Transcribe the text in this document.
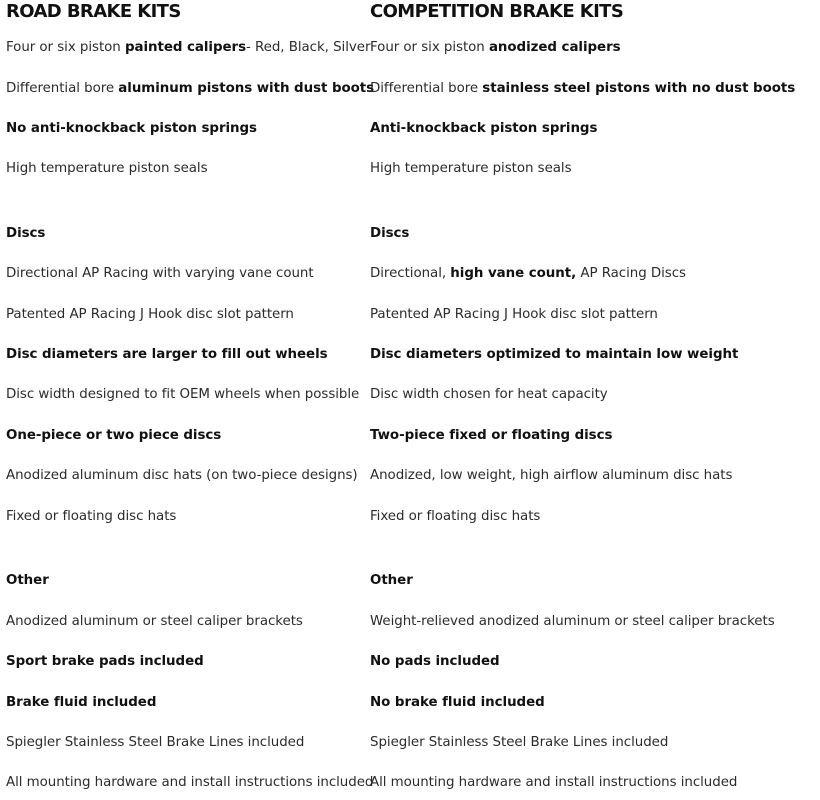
ROAD BRAKE KITS
Four or six piston painted calipers- Red, Black, Silver
Differential bore aluminum pistons with dust boots
No anti-knockback piston springs
High temperature piston seals
Discs
Directional AP Racing with varying vane count
Patented AP Racing J Hook disc slot pattern
Disc diameters are larger to fill out wheels
Disc width designed to fit OEM wheels when possible
One-piece or two piece discs
Anodized aluminum disc hats (on two-piece designs)
Fixed or floating disc hats
Other
Anodized aluminum or steel caliper brackets
Sport brake pads included
Brake fluid included
Spiegler Stainless Steel Brake Lines included
All mounting hardware and install instructions included
COMPETITION BRAKE KITS
Four or six piston anodized calipers
Differential bore stainless steel pistons with no dust boots
Anti-knockback piston springs
High temperature piston seals
Discs
Directional, high vane count, AP Racing Discs
Patented AP Racing J Hook disc slot pattern
Disc diameters optimized to maintain low weight
Disc width chosen for heat capacity
Two-piece fixed or floating discs
Anodized, low weight, high airflow aluminum disc hats
Fixed or floating disc hats
Other
Weight-relieved anodized aluminum or steel caliper brackets
No pads included
No brake fluid included
Spiegler Stainless Steel Brake Lines included
All mounting hardware and install instructions included
